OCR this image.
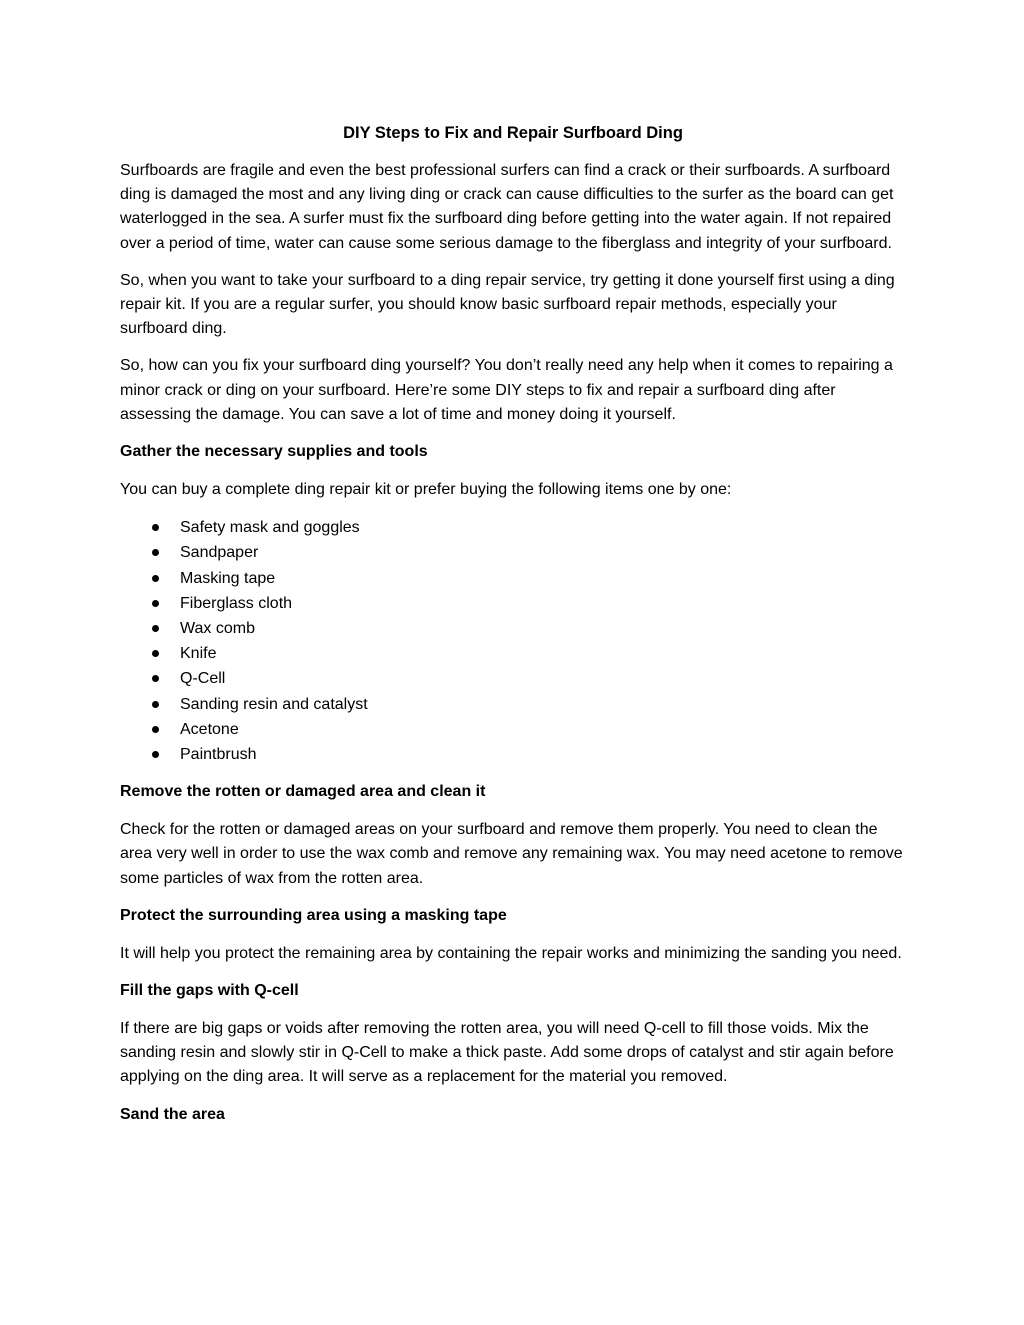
DIY Steps to Fix and Repair Surfboard Ding

Surfboards are fragile and even the best professional surfers can find a crack or their surfboards. A surfboard ding is damaged the most and any living ding or crack can cause difficulties to the surfer as the board can get waterlogged in the sea. A surfer must fix the surfboard ding before getting into the water again. If not repaired over a period of time, water can cause some serious damage to the fiberglass and integrity of your surfboard.

So, when you want to take your surfboard to a ding repair service, try getting it done yourself first using a ding repair kit. If you are a regular surfer, you should know basic surfboard repair methods, especially your surfboard ding.

So, how can you fix your surfboard ding yourself? You don’t really need any help when it comes to repairing a minor crack or ding on your surfboard. Here’re some DIY steps to fix and repair a surfboard ding after assessing the damage. You can save a lot of time and money doing it yourself.

Gather the necessary supplies and tools

You can buy a complete ding repair kit or prefer buying the following items one by one:

Safety mask and goggles
Sandpaper
Masking tape
Fiberglass cloth
Wax comb
Knife
Q-Cell
Sanding resin and catalyst
Acetone
Paintbrush
Remove the rotten or damaged area and clean it

Check for the rotten or damaged areas on your surfboard and remove them properly. You need to clean the area very well in order to use the wax comb and remove any remaining wax. You may need acetone to remove some particles of wax from the rotten area.

Protect the surrounding area using a masking tape

It will help you protect the remaining area by containing the repair works and minimizing the sanding you need.

Fill the gaps with Q-cell

If there are big gaps or voids after removing the rotten area, you will need Q-cell to fill those voids. Mix the sanding resin and slowly stir in Q-Cell to make a thick paste. Add some drops of catalyst and stir again before applying on the ding area. It will serve as a replacement for the material you removed.

Sand the area
